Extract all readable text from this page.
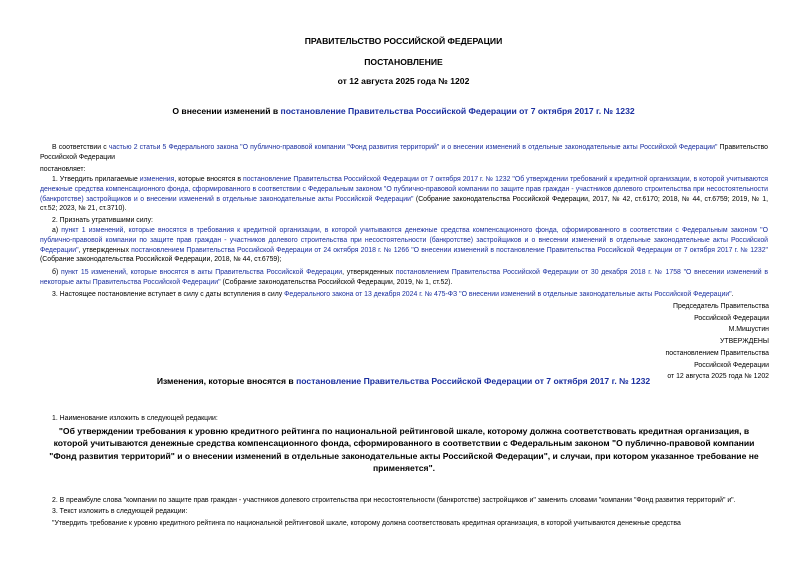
ПРАВИТЕЛЬСТВО РОССИЙСКОЙ ФЕДЕРАЦИИ
ПОСТАНОВЛЕНИЕ
от 12 августа 2025 года № 1202
О внесении изменений в постановление Правительства Российской Федерации от 7 октября 2017 г. № 1232
В соответствии с частью 2 статьи 5 Федерального закона "О публично-правовой компании "Фонд развития территорий" и о внесении изменений в отдельные законодательные акты Российской Федерации" Правительство Российской Федерации
постановляет:
1. Утвердить прилагаемые изменения, которые вносятся в постановление Правительства Российской Федерации от 7 октября 2017 г. № 1232 "Об утверждении требований к кредитной организации, в которой учитываются денежные средства компенсационного фонда, сформированного в соответствии с Федеральным законом "О публично-правовой компании по защите прав граждан - участников долевого строительства при несостоятельности (банкротстве) застройщиков и о внесении изменений в отдельные законодательные акты Российской Федерации" (Собрание законодательства Российской Федерации, 2017, № 42, ст.6170; 2018, № 44, ст.6759; 2019, № 1, ст.52; 2023, № 21, ст.3710).
2. Признать утратившими силу:
а) пункт 1 изменений, которые вносятся в требования к кредитной организации, в которой учитываются денежные средства компенсационного фонда, сформированного в соответствии с Федеральным законом "О публично-правовой компании по защите прав граждан - участников долевого строительства при несостоятельности (банкротстве) застройщиков и о внесении изменений в отдельные законодательные акты Российской Федерации", утвержденных постановлением Правительства Российской Федерации от 24 октября 2018 г. № 1266 "О внесении изменений в постановление Правительства Российской Федерации от 7 октября 2017 г. № 1232" (Собрание законодательства Российской Федерации, 2018, № 44, ст.6759);
б) пункт 15 изменений, которые вносятся в акты Правительства Российской Федерации, утвержденных постановлением Правительства Российской Федерации от 30 декабря 2018 г. № 1758 "О внесении изменений в некоторые акты Правительства Российской Федерации" (Собрание законодательства Российской Федерации, 2019, № 1, ст.52).
3. Настоящее постановление вступает в силу с даты вступления в силу Федерального закона от 13 декабря 2024 г. № 475-ФЗ "О внесении изменений в отдельные законодательные акты Российской Федерации".
Председатель Правительства
Российской Федерации
М.Мишустин
УТВЕРЖДЕНЫ
постановлением Правительства
Российской Федерации
от 12 августа 2025 года № 1202
Изменения, которые вносятся в постановление Правительства Российской Федерации от 7 октября 2017 г. № 1232
1. Наименование изложить в следующей редакции:
"Об утверждении требования к уровню кредитного рейтинга по национальной рейтинговой шкале, которому должна соответствовать кредитная организация, в которой учитываются денежные средства компенсационного фонда, сформированного в соответствии с Федеральным законом "О публично-правовой компании "Фонд развития территорий" и о внесении изменений в отдельные законодательные акты Российской Федерации", и случаи, при котором указанное требование не применяется".
2. В преамбуле слова "компании по защите прав граждан - участников долевого строительства при несостоятельности (банкротстве) застройщиков и" заменить словами "компании "Фонд развития территорий" и".
3. Текст изложить в следующей редакции:
"Утвердить требование к уровню кредитного рейтинга по национальной рейтинговой шкале, которому должна соответствовать кредитная организация, в которой учитываются денежные средства
